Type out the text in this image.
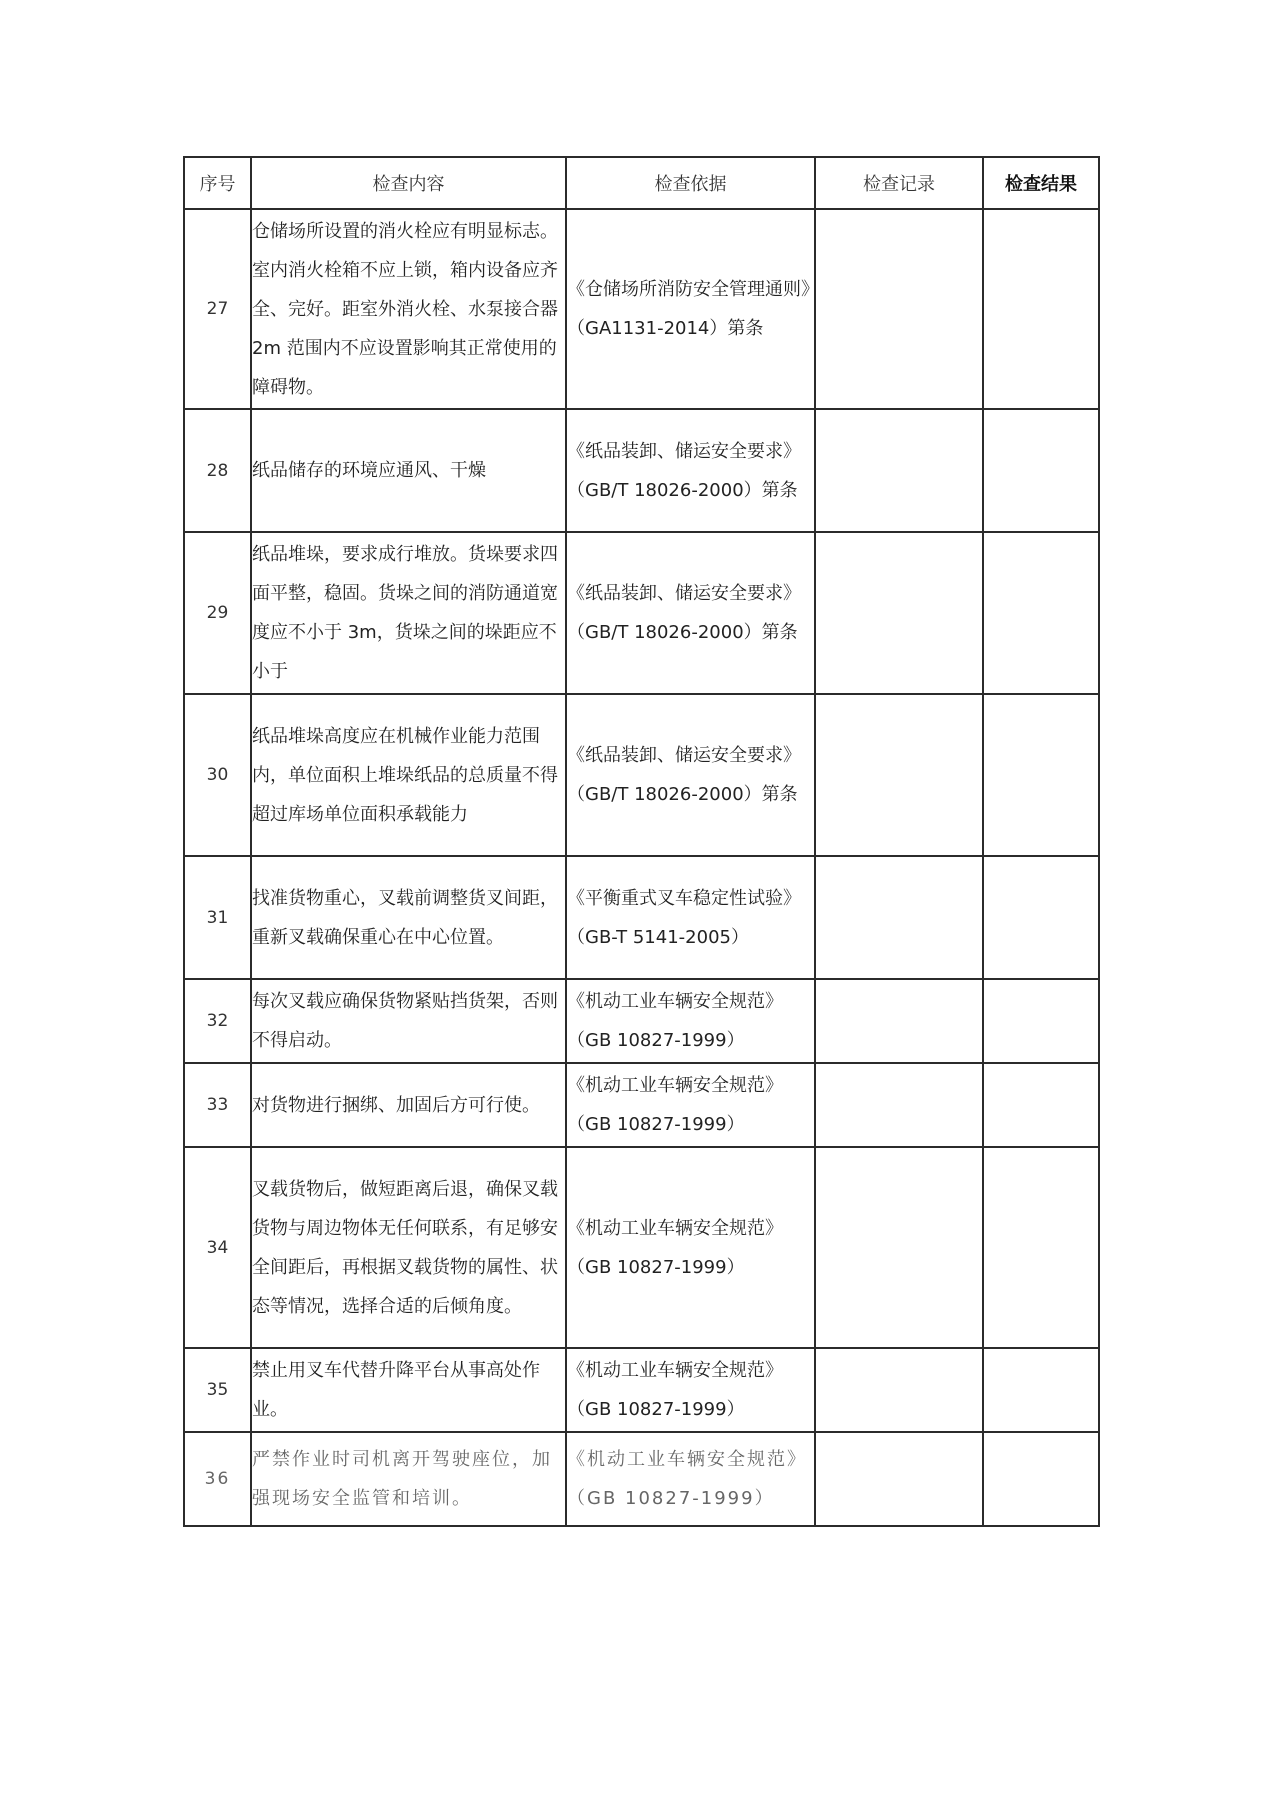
序号	检查内容	检查依据	检查记录	检查结果
27	仓储场所设置的消火栓应有明显标志。室内消火栓箱不应上锁，箱内设备应齐全、完好。距室外消火栓、水泵接合器 2m 范围内不应设置影响其正常使用的障碍物。	《仓储场所消防安全管理通则》（GA1131-2014）第条		
28	纸品储存的环境应通风、干燥	《纸品装卸、储运安全要求》（GB/T 18026-2000）第条		
29	纸品堆垛，要求成行堆放。货垛要求四面平整，稳固。货垛之间的消防通道宽度应不小于 3m，货垛之间的垛距应不小于	《纸品装卸、储运安全要求》（GB/T 18026-2000）第条		
30	纸品堆垛高度应在机械作业能力范围内，单位面积上堆垛纸品的总质量不得超过库场单位面积承载能力	《纸品装卸、储运安全要求》（GB/T 18026-2000）第条		
31	找准货物重心，叉载前调整货叉间距，重新叉载确保重心在中心位置。	《平衡重式叉车稳定性试验》（GB-T 5141-2005）		
32	每次叉载应确保货物紧贴挡货架，否则不得启动。	《机动工业车辆安全规范》（GB 10827-1999）		
33	对货物进行捆绑、加固后方可行使。	《机动工业车辆安全规范》（GB 10827-1999）		
34	叉载货物后，做短距离后退，确保叉载货物与周边物体无任何联系，有足够安全间距后，再根据叉载货物的属性、状态等情况，选择合适的后倾角度。	《机动工业车辆安全规范》（GB 10827-1999）		
35	禁止用叉车代替升降平台从事高处作业。	《机动工业车辆安全规范》（GB 10827-1999）		
36	严禁作业时司机离开驾驶座位，加强现场安全监管和培训。	《机动工业车辆安全规范》（GB 10827-1999）		
